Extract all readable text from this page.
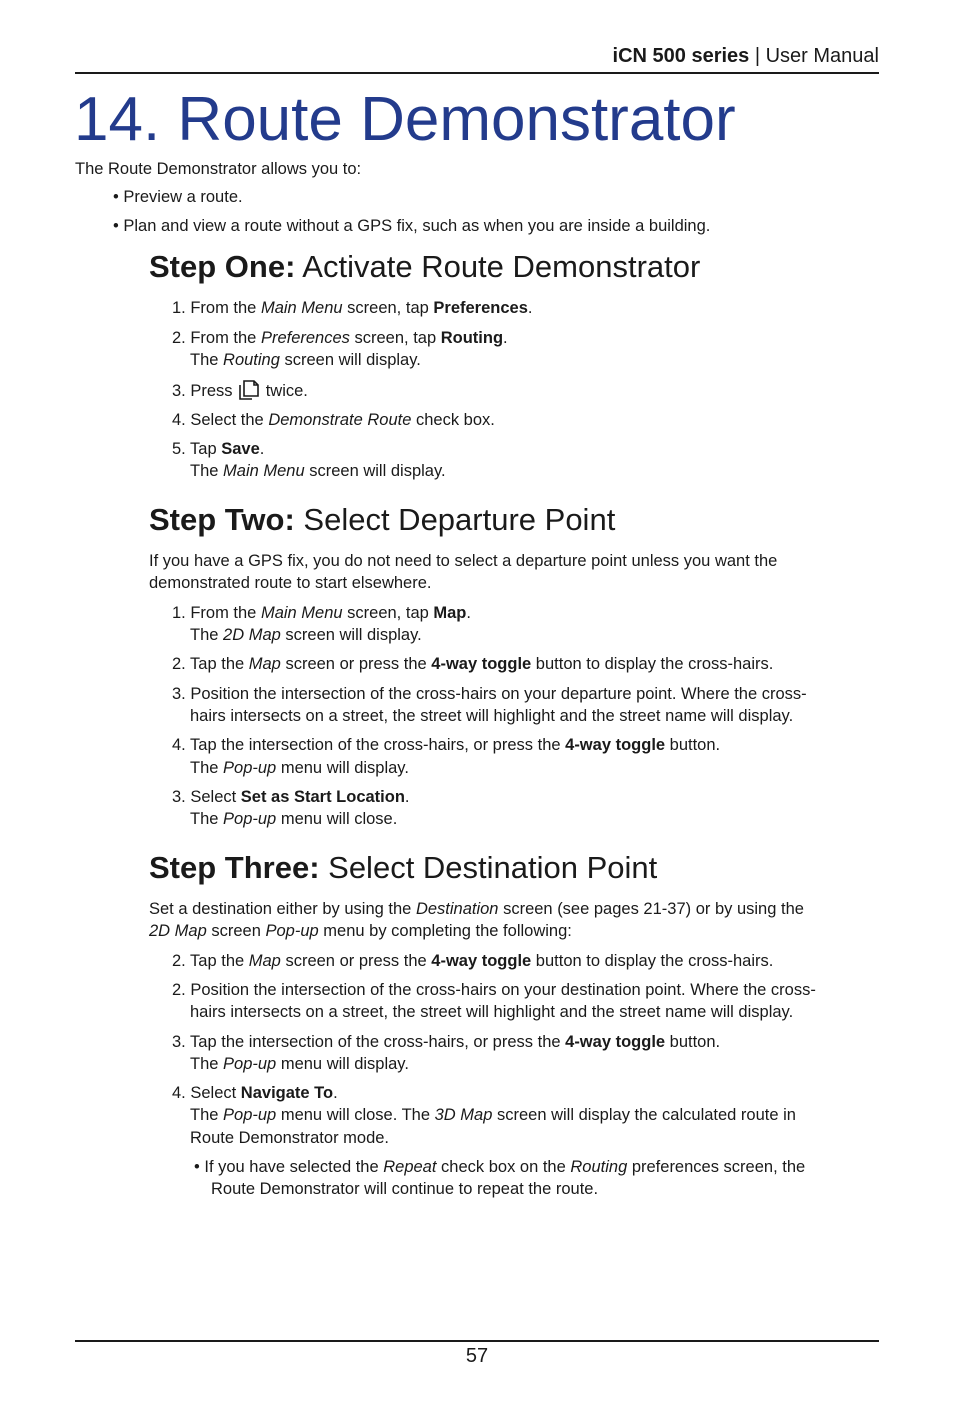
iCN 500 series | User Manual
14. Route Demonstrator
The Route Demonstrator allows you to:
• Preview a route.
• Plan and view a route without a GPS fix, such as when you are inside a building.
Step One: Activate Route Demonstrator
1. From the Main Menu screen, tap Preferences.
2. From the Preferences screen, tap Routing.
The Routing screen will display.
3. Press  twice.
4. Select the Demonstrate Route check box.
5. Tap Save.
The Main Menu screen will display.
Step Two: Select Departure Point
If you have a GPS fix, you do not need to select a departure point unless you want the
demonstrated route to start elsewhere.
1. From the Main Menu screen, tap Map.
The 2D Map screen will display.
2. Tap the Map screen or press the 4-way toggle button to display the cross-hairs.
3. Position the intersection of the cross-hairs on your departure point. Where the cross-
hairs intersects on a street, the street will highlight and the street name will display.
4. Tap the intersection of the cross-hairs, or press the 4-way toggle button.
The Pop-up menu will display.
3. Select Set as Start Location.
The Pop-up menu will close.
Step Three: Select Destination Point
Set a destination either by using the Destination screen (see pages 21-37) or by using the
2D Map screen Pop-up menu by completing the following:
2. Tap the Map screen or press the 4-way toggle button to display the cross-hairs.
2. Position the intersection of the cross-hairs on your destination point. Where the cross-
hairs intersects on a street, the street will highlight and the street name will display.
3. Tap the intersection of the cross-hairs, or press the 4-way toggle button.
The Pop-up menu will display.
4. Select Navigate To.
The Pop-up menu will close. The 3D Map screen will display the calculated route in
Route Demonstrator mode.
• If you have selected the Repeat check box on the Routing preferences screen, the
Route Demonstrator will continue to repeat the route.
57
